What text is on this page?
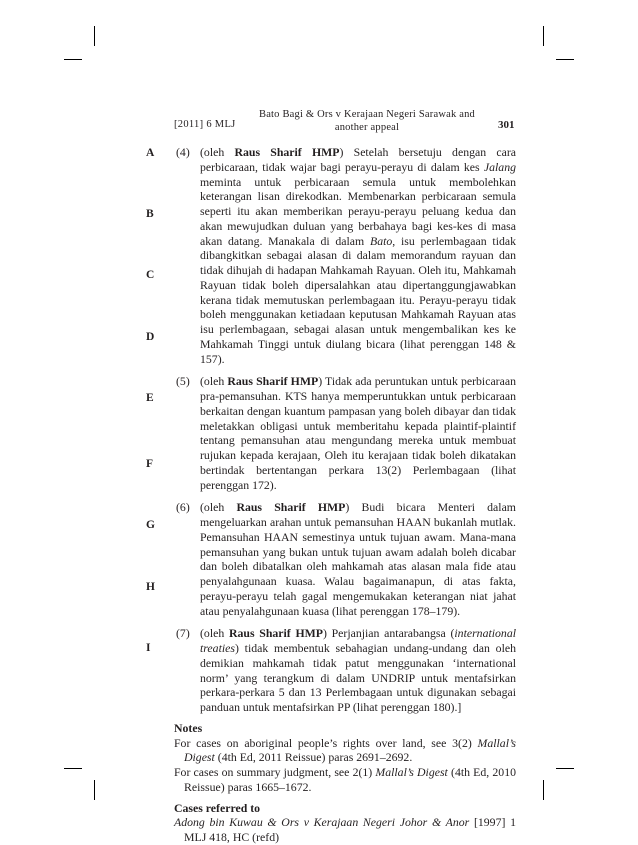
[2011] 6 MLJ
Bato Bagi & Ors v Kerajaan Negeri Sarawak and another appeal	301
A
B
C
D
E
F
G
H
I
(4) (oleh Raus Sharif HMP) Setelah bersetuju dengan cara perbicaraan, tidak wajar bagi perayu-perayu di dalam kes Jalang meminta untuk perbicaraan semula untuk membolehkan keterangan lisan direkodkan. Membenarkan perbicaraan semula seperti itu akan memberikan perayu-perayu peluang kedua dan akan mewujudkan duluan yang berbahaya bagi kes-kes di masa akan datang. Manakala di dalam Bato, isu perlembagaan tidak dibangkitkan sebagai alasan di dalam memorandum rayuan dan tidak dihujah di hadapan Mahkamah Rayuan. Oleh itu, Mahkamah Rayuan tidak boleh dipersalahkan atau dipertanggungjawabkan kerana tidak memutuskan perlembagaan itu. Perayu-perayu tidak boleh menggunakan ketiadaan keputusan Mahkamah Rayuan atas isu perlembagaan, sebagai alasan untuk mengembalikan kes ke Mahkamah Tinggi untuk diulang bicara (lihat perenggan 148 & 157).
(5) (oleh Raus Sharif HMP) Tidak ada peruntukan untuk perbicaraan pra-pemansuhan. KTS hanya memperuntukkan untuk perbicaraan berkaitan dengan kuantum pampasan yang boleh dibayar dan tidak meletakkan obligasi untuk memberitahu kepada plaintif-plaintif tentang pemansuhan atau mengundang mereka untuk membuat rujukan kepada kerajaan, Oleh itu kerajaan tidak boleh dikatakan bertindak bertentangan perkara 13(2) Perlembagaan (lihat perenggan 172).
(6) (oleh Raus Sharif HMP) Budi bicara Menteri dalam mengeluarkan arahan untuk pemansuhan HAAN bukanlah mutlak. Pemansuhan HAAN semestinya untuk tujuan awam. Mana-mana pemansuhan yang bukan untuk tujuan awam adalah boleh dicabar dan boleh dibatalkan oleh mahkamah atas alasan mala fide atau penyalahgunaan kuasa. Walau bagaimanapun, di atas fakta, perayu-perayu telah gagal mengemukakan keterangan niat jahat atau penyalahgunaan kuasa (lihat perenggan 178–179).
(7) (oleh Raus Sharif HMP) Perjanjian antarabangsa (international treaties) tidak membentuk sebahagian undang-undang dan oleh demikian mahkamah tidak patut menggunakan ‘international norm’ yang terangkum di dalam UNDRIP untuk mentafsirkan perkara-perkara 5 dan 13 Perlembagaan untuk digunakan sebagai panduan untuk mentafsirkan PP (lihat perenggan 180).]
Notes
For cases on aboriginal people’s rights over land, see 3(2) Mallal’s Digest (4th Ed, 2011 Reissue) paras 2691–2692.
For cases on summary judgment, see 2(1) Mallal’s Digest (4th Ed, 2010 Reissue) paras 1665–1672.
Cases referred to
Adong bin Kuwau & Ors v Kerajaan Negeri Johor & Anor [1997] 1 MLJ 418, HC (refd)
